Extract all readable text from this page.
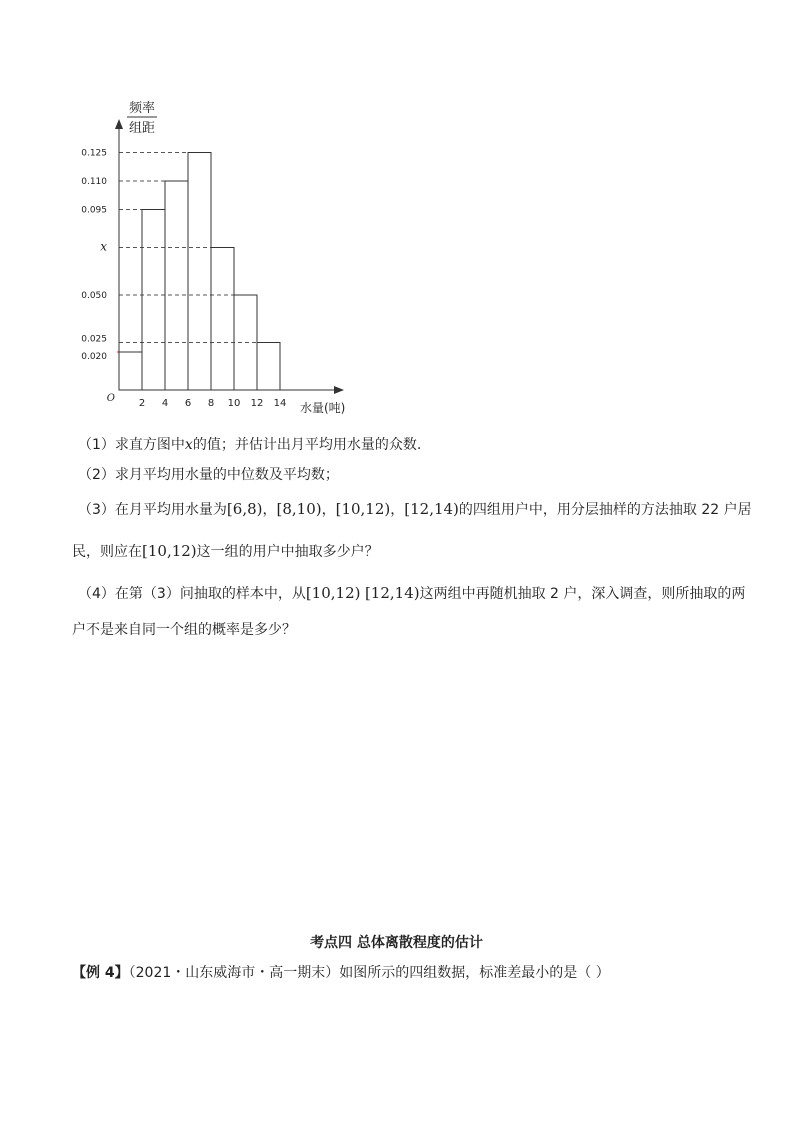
频率
组距
O
水量(吨)
2 4 6 8 10 12 14
0.125
0.110
0.095
x
0.050
0.025
0.020
（1）求直方图中x的值；并估计出月平均用水量的众数.
（2）求月平均用水量的中位数及平均数；
（3）在月平均用水量为[6,8)，[8,10)，[10,12)，[12,14)的四组用户中，用分层抽样的方法抽取 22 户居
民，则应在[10,12)这一组的用户中抽取多少户？
（4）在第（3）问抽取的样本中，从[10,12) [12,14)这两组中再随机抽取 2 户，深入调查，则所抽取的两
户不是来自同一个组的概率是多少？
考点四 总体离散程度的估计
【例 4】（2021・山东威海市・高一期末）如图所示的四组数据，标准差最小的是（ ）
